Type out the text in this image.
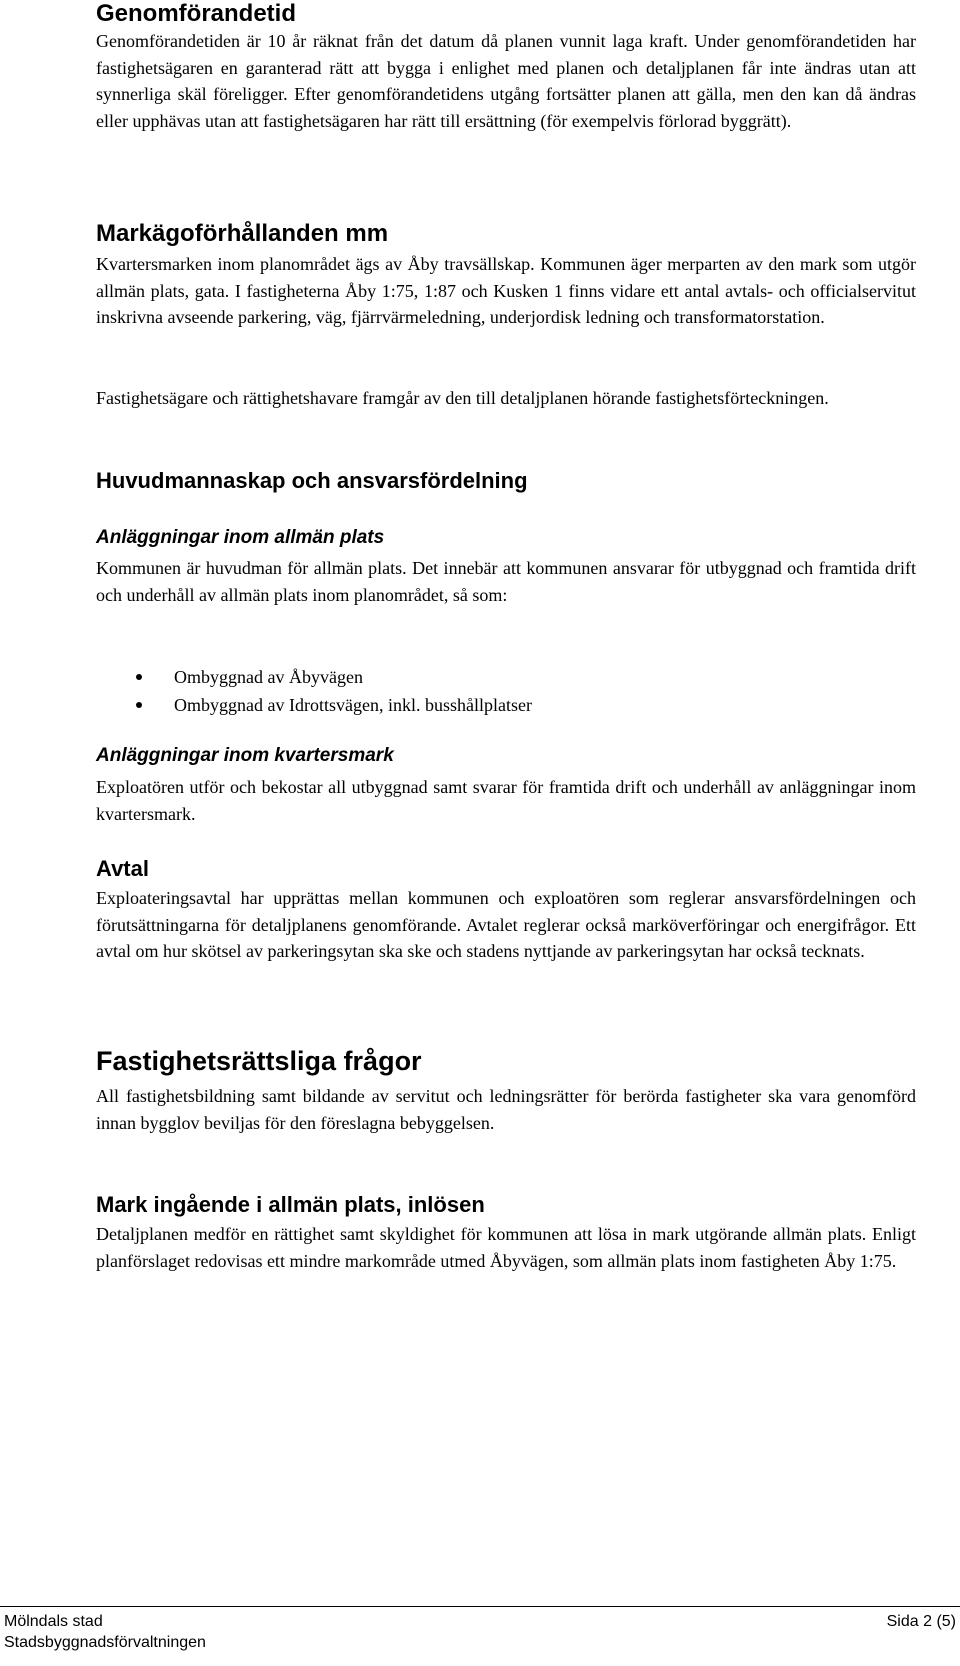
Genomförandetid

Genomförandetiden är 10 år räknat från det datum då planen vunnit laga kraft. Under genomförandetiden har fastighetsägaren en garanterad rätt att bygga i enlighet med planen och detaljplanen får inte ändras utan att synnerliga skäl föreligger. Efter genomförandetidens utgång fortsätter planen att gälla, men den kan då ändras eller upphävas utan att fastighetsägaren har rätt till ersättning (för exempelvis förlorad byggrätt).

Markägoförhållanden mm

Kvartersmarken inom planområdet ägs av Åby travsällskap. Kommunen äger merparten av den mark som utgör allmän plats, gata. I fastigheterna Åby 1:75, 1:87 och Kusken 1 finns vidare ett antal avtals- och officialservitut inskrivna avseende parkering, väg, fjärrvärmeledning, underjordisk ledning och transformatorstation.

Fastighetsägare och rättighetshavare framgår av den till detaljplanen hörande fastighetsförteckningen.

Huvudmannaskap och ansvarsfördelning
Anläggningar inom allmän plats

Kommunen är huvudman för allmän plats. Det innebär att kommunen ansvarar för utbyggnad och framtida drift och underhåll av allmän plats inom planområdet, så som:

Ombyggnad av Åbyvägen
Ombyggnad av Idrottsvägen, inkl. busshållplatser
Anläggningar inom kvartersmark

Exploatören utför och bekostar all utbyggnad samt svarar för framtida drift och underhåll av anläggningar inom kvartersmark.

Avtal

Exploateringsavtal har upprättas mellan kommunen och exploatören som reglerar ansvarsfördelningen och förutsättningarna för detaljplanens genomförande. Avtalet reglerar också marköverföringar och energifrågor. Ett avtal om hur skötsel av parkeringsytan ska ske och stadens nyttjande av parkeringsytan har också tecknats.

Fastighetsrättsliga frågor

All fastighetsbildning samt bildande av servitut och ledningsrätter för berörda fastigheter ska vara genomförd innan bygglov beviljas för den föreslagna bebyggelsen.

Mark ingående i allmän plats, inlösen

Detaljplanen medför en rättighet samt skyldighet för kommunen att lösa in mark utgörande allmän plats. Enligt planförslaget redovisas ett mindre markområde utmed Åbyvägen, som allmän plats inom fastigheten Åby 1:75.

Mölndals stad
Stadsbyggnadsförvaltningen
Sida 2 (5)
